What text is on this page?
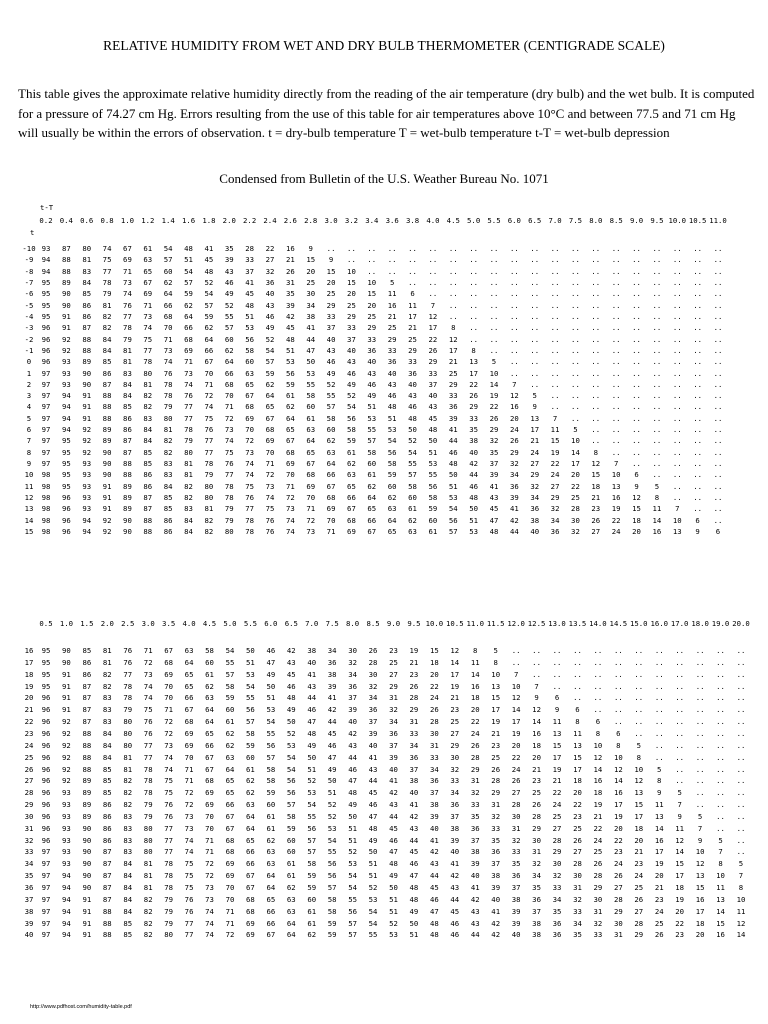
RELATIVE HUMIDITY FROM WET AND DRY BULB THERMOMETER (CENTIGRADE SCALE)
This table gives the approximate relative humidity directly from the reading of the air temperature (dry bulb) and the wet bulb. It is computed for a pressure of 74.27 cm Hg. Errors resulting from the use of this table for air temperatures above 10°C and between 77.5 and 71 cm Hg will usually be within the errors of observation. t = dry-bulb temperature T = wet-bulb temperature t-T = wet-bulb depression
Condensed from Bulletin of the U.S. Weather Bureau No. 1071
t-T
t
0.2 0.4 0.6 0.8 1.0 1.2 1.4 1.6 1.8 2.0 2.2 2.4 2.6 2.8 3.0 3.2 3.4 3.6 3.8 4.0 4.5 5.0 5.5 6.0 6.5 7.0 7.5 8.0 8.5 9.0 9.5 10.0 10.5 11.0
-10 93 87 80 74 67 61 54 48 41 35 28 22 16 9 .. .. .. .. .. .. .. .. .. .. .. .. .. .. .. .. .. .. .. ..
-9 94 88 81 75 69 63 57 51 45 39 33 27 21 15 9 .. .. .. .. .. .. .. .. .. .. .. .. .. .. .. .. .. .. ..
-8 94 88 83 77 71 65 60 54 48 43 37 32 26 20 15 10 .. .. .. .. .. .. .. .. .. .. .. .. .. .. .. .. .. ..
-7 95 89 84 78 73 67 62 57 52 46 41 36 31 25 20 15 10 5 .. .. .. .. .. .. .. .. .. .. .. .. .. .. .. ..
-6 95 90 85 79 74 69 64 59 54 49 45 40 35 30 25 20 15 11 6 .. .. .. .. .. .. .. .. .. .. .. .. .. .. ..
-5 95 90 86 81 76 71 66 62 57 52 48 43 39 34 29 25 20 16 11 7 .. .. .. .. .. .. .. .. .. .. .. .. .. ..
-4 95 91 86 82 77 73 68 64 59 55 51 46 42 38 33 29 25 21 17 12 .. .. .. .. .. .. .. .. .. .. .. .. .. ..
-3 96 91 87 82 78 74 70 66 62 57 53 49 45 41 37 33 29 25 21 17 8 .. .. .. .. .. .. .. .. .. .. .. .. ..
-2 96 92 88 84 79 75 71 68 64 60 56 52 48 44 40 37 33 29 25 22 12 .. .. .. .. .. .. .. .. .. .. .. .. ..
-1 96 92 88 84 81 77 73 69 66 62 58 54 51 47 43 40 36 33 29 26 17 8 .. .. .. .. .. .. .. .. .. .. .. ..
0 96 93 89 85 81 78 74 71 67 64 60 57 53 50 46 43 40 36 33 29 21 13 5 .. .. .. .. .. .. .. .. .. .. ..
1 97 93 90 86 83 80 76 73 70 66 63 59 56 53 49 46 43 40 36 33 25 17 10 .. .. .. .. .. .. .. .. .. .. ..
2 97 93 90 87 84 81 78 74 71 68 65 62 59 55 52 49 46 43 40 37 29 22 14 7 .. .. .. .. .. .. .. .. .. ..
3 97 94 91 88 84 82 78 76 72 70 67 64 61 58 55 52 49 46 43 40 33 26 19 12 5 .. .. .. .. .. .. .. .. ..
4 97 94 91 88 85 82 79 77 74 71 68 65 62 60 57 54 51 48 46 43 36 29 22 16 9 .. .. .. .. .. .. .. .. ..
5 97 94 91 88 86 83 80 77 75 72 69 67 64 61 58 56 53 51 48 45 39 33 26 20 13 7 .. .. .. .. .. .. .. ..
6 97 94 92 89 86 84 81 78 76 73 70 68 65 63 60 58 55 53 50 48 41 35 29 24 17 11 5 .. .. .. .. .. .. ..
7 97 95 92 89 87 84 82 79 77 74 72 69 67 64 62 59 57 54 52 50 44 38 32 26 21 15 10 .. .. .. .. .. .. ..
8 97 95 92 90 87 85 82 80 77 75 73 70 68 65 63 61 58 56 54 51 46 40 35 29 24 19 14 8 .. .. .. .. .. ..
9 97 95 93 90 88 85 83 81 78 76 74 71 69 67 64 62 60 58 55 53 48 42 37 32 27 22 17 12 7 .. .. .. .. ..
10 98 95 93 90 88 86 83 81 79 77 74 72 70 68 66 63 61 59 57 55 50 44 39 34 29 24 20 15 10 6 .. .. .. ..
11 98 95 93 91 89 86 84 82 80 78 75 73 71 69 67 65 62 60 58 56 51 46 41 36 32 27 22 18 13 9 5 .. .. ..
12 98 96 93 91 89 87 85 82 80 78 76 74 72 70 68 66 64 62 60 58 53 48 43 39 34 29 25 21 16 12 8 .. .. ..
13 98 96 93 91 89 87 85 83 81 79 77 75 73 71 69 67 65 63 61 59 54 50 45 41 36 32 28 23 19 15 11 7 .. ..
14 98 96 94 92 90 88 86 84 82 79 78 76 74 72 70 68 66 64 62 60 56 51 47 42 38 34 30 26 22 18 14 10 6 ..
15 98 96 94 92 90 88 86 84 82 80 78 76 74 73 71 69 67 65 63 61 57 53 48 44 40 36 32 27 24 20 16 13 9 6
0.5 1.0 1.5 2.0 2.5 3.0 3.5 4.0 4.5 5.0 5.5 6.0 6.5 7.0 7.5 8.0 8.5 9.0 9.5 10.0 10.5 11.0 11.5 12.0 12.5 13.0 13.5 14.0 14.5 15.0 16.0 17.0 18.0 19.0 20.0
16 95 90 85 81 76 71 67 63 58 54 50 46 42 38 34 30 26 23 19 15 12 8 5 .. .. .. .. .. .. .. .. .. .. .. ..
17 95 90 86 81 76 72 68 64 60 55 51 47 43 40 36 32 28 25 21 18 14 11 8 .. .. .. .. .. .. .. .. .. .. .. ..
18 95 91 86 82 77 73 69 65 61 57 53 49 45 41 38 34 30 27 23 20 17 14 10 7 .. .. .. .. .. .. .. .. .. .. ..
19 95 91 87 82 78 74 70 65 62 58 54 50 46 43 39 36 32 29 26 22 19 16 13 10 7 .. .. .. .. .. .. .. .. .. ..
20 96 91 87 83 78 74 70 66 63 59 55 51 48 44 41 37 34 31 28 24 21 18 15 12 9 6 .. .. .. .. .. .. .. .. ..
21 96 91 87 83 79 75 71 67 64 60 56 53 49 46 42 39 36 32 29 26 23 20 17 14 12 9 6 .. .. .. .. .. .. .. ..
22 96 92 87 83 80 76 72 68 64 61 57 54 50 47 44 40 37 34 31 28 25 22 19 17 14 11 8 6 .. .. .. .. .. .. ..
23 96 92 88 84 80 76 72 69 65 62 58 55 52 48 45 42 39 36 33 30 27 24 21 19 16 13 11 8 6 .. .. .. .. .. ..
24 96 92 88 84 80 77 73 69 66 62 59 56 53 49 46 43 40 37 34 31 29 26 23 20 18 15 13 10 8 5 .. .. .. .. ..
25 96 92 88 84 81 77 74 70 67 63 60 57 54 50 47 44 41 39 36 33 30 28 25 22 20 17 15 12 10 8 .. .. .. .. ..
26 96 92 88 85 81 78 74 71 67 64 61 58 54 51 49 46 43 40 37 34 32 29 26 24 21 19 17 14 12 10 5 .. .. .. ..
27 96 92 89 85 82 78 75 71 68 65 62 58 56 52 50 47 44 41 38 36 33 31 28 26 23 21 18 16 14 12 8 .. .. .. ..
28 96 93 89 85 82 78 75 72 69 65 62 59 56 53 51 48 45 42 40 37 34 32 29 27 25 22 20 18 16 13 9 5 .. .. ..
29 96 93 89 86 82 79 76 72 69 66 63 60 57 54 52 49 46 43 41 38 36 33 31 28 26 24 22 19 17 15 11 7 .. .. ..
30 96 93 89 86 83 79 76 73 70 67 64 61 58 55 52 50 47 44 42 39 37 35 32 30 28 25 23 21 19 17 13 9 5 .. ..
31 96 93 90 86 83 80 77 73 70 67 64 61 59 56 53 51 48 45 43 40 38 36 33 31 29 27 25 22 20 18 14 11 7 .. ..
32 96 93 90 86 83 80 77 74 71 68 65 62 60 57 54 51 49 46 44 41 39 37 35 32 30 28 26 24 22 20 16 12 9 5 ..
33 97 93 90 87 83 80 77 74 71 68 66 63 60 57 55 52 50 47 45 42 40 38 36 33 31 29 27 25 23 21 17 14 10 7 ..
34 97 93 90 87 84 81 78 75 72 69 66 63 61 58 56 53 51 48 46 43 41 39 37 35 32 30 28 26 24 23 19 15 12 8 5
35 97 94 90 87 84 81 78 75 72 69 67 64 61 59 56 54 51 49 47 44 42 40 38 36 34 32 30 28 26 24 20 17 13 10 7
36 97 94 90 87 84 81 78 75 73 70 67 64 62 59 57 54 52 50 48 45 43 41 39 37 35 33 31 29 27 25 21 18 15 11 8
37 97 94 91 87 84 82 79 76 73 70 68 65 63 60 58 55 53 51 48 46 44 42 40 38 36 34 32 30 28 26 23 19 16 13 10
38 97 94 91 88 84 82 79 76 74 71 68 66 63 61 58 56 54 51 49 47 45 43 41 39 37 35 33 31 29 27 24 20 17 14 11
39 97 94 91 88 85 82 79 77 74 71 69 66 64 61 59 57 54 52 50 48 46 43 42 39 38 36 34 32 30 28 25 22 18 15 12
40 97 94 91 88 85 82 80 77 74 72 69 67 64 62 59 57 55 53 51 48 46 44 42 40 38 36 35 33 31 29 26 23 20 16 14
http://www.pdfhost.com/humidity-table.pdf
